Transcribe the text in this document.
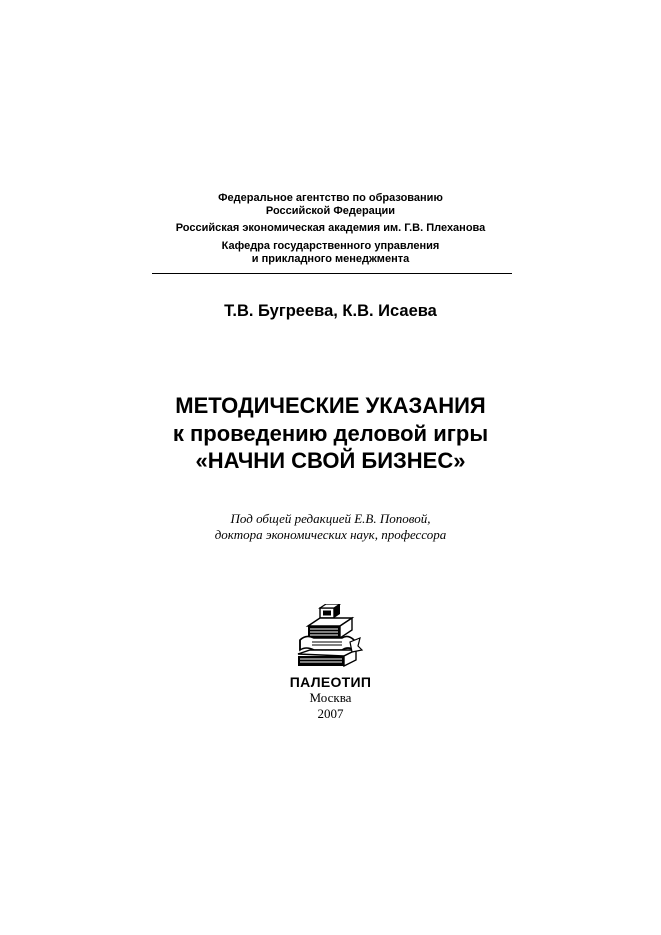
Федеральное агентство по образованию
Российской Федерации
Российская экономическая академия им. Г.В. Плеханова
Кафедра государственного управления
и прикладного менеджмента
Т.В. Бугреева, К.В. Исаева
МЕТОДИЧЕСКИЕ УКАЗАНИЯ
к проведению деловой игры
«НАЧНИ СВОЙ БИЗНЕС»
Под общей редакцией Е.В. Поповой,
доктора экономических наук, профессора
ПАЛЕОТИП
Москва
2007
